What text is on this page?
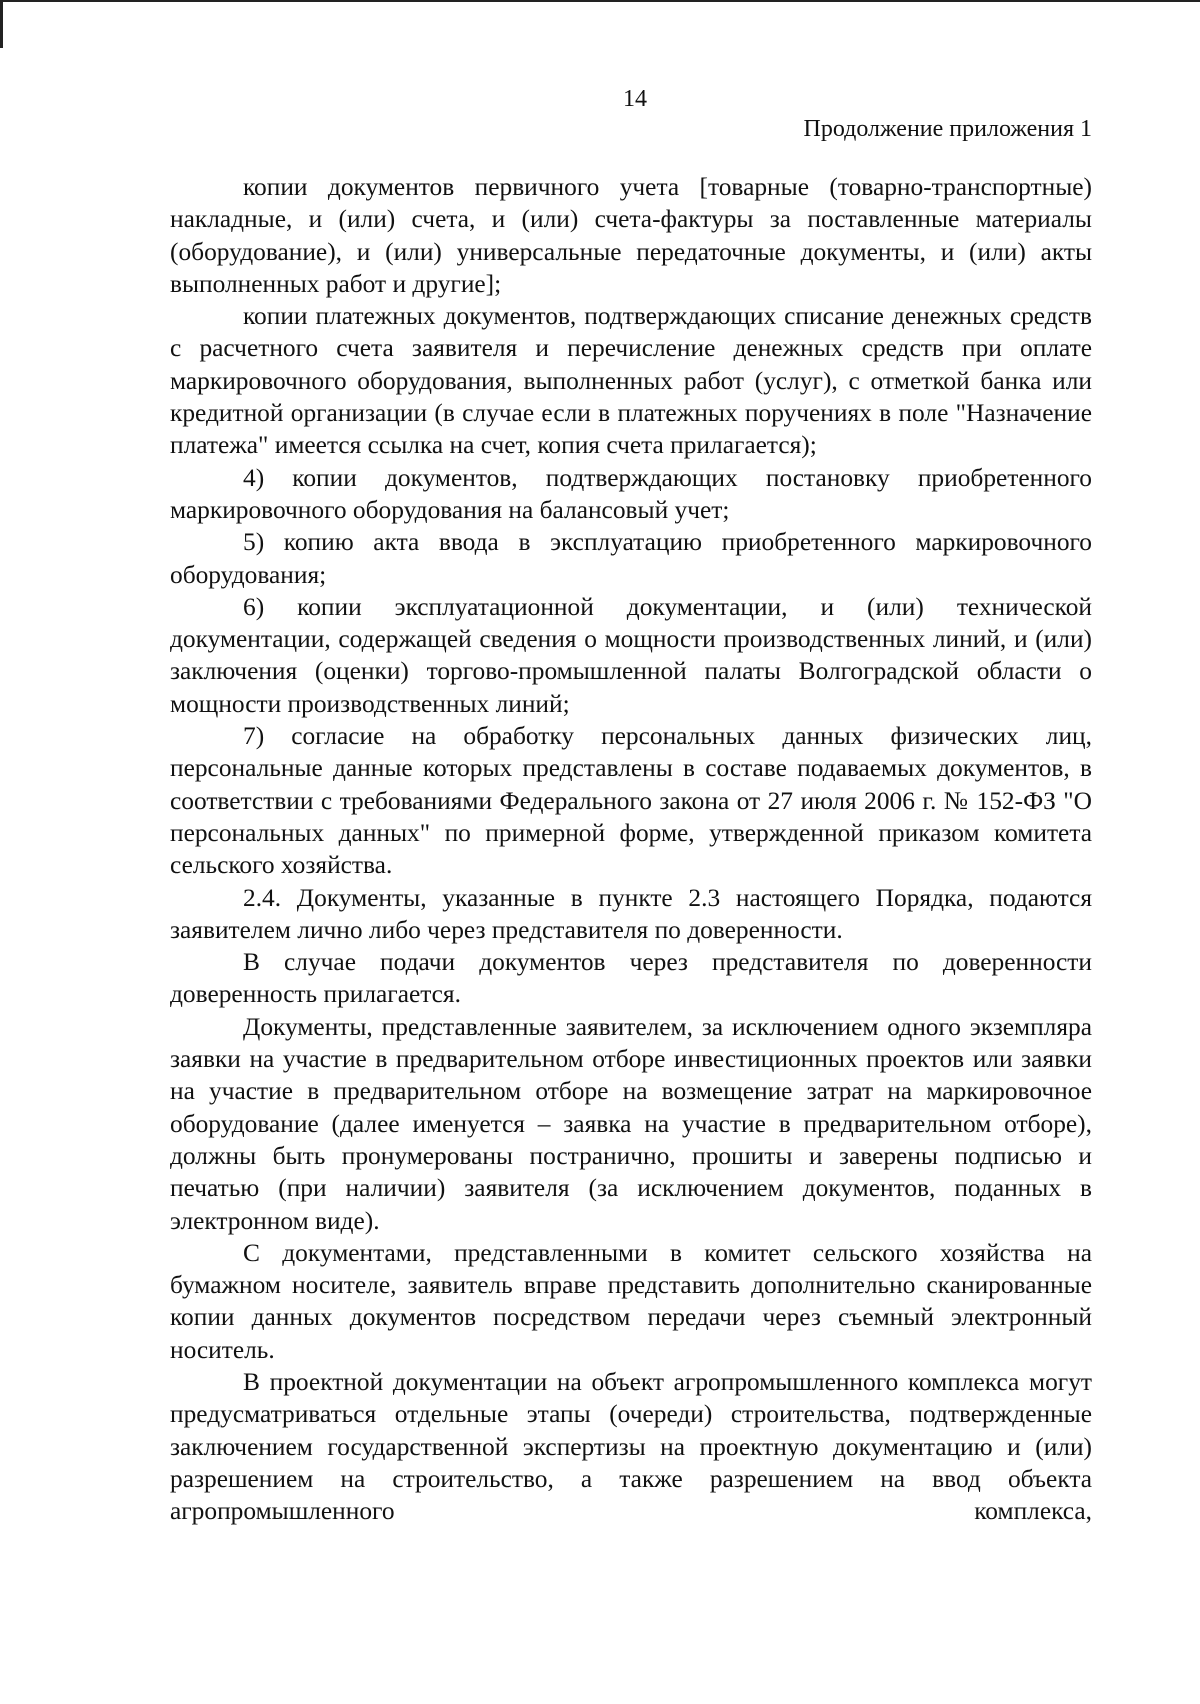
14
Продолжение приложения 1

копии документов первичного учета [товарные (товарно-транспортные) накладные, и (или) счета, и (или) счета-фактуры за поставленные материалы (оборудование), и (или) универсальные передаточные документы, и (или) акты выполненных работ и другие];

копии платежных документов, подтверждающих списание денежных средств с расчетного счета заявителя и перечисление денежных средств при оплате маркировочного оборудования, выполненных работ (услуг), с отметкой банка или кредитной организации (в случае если в платежных поручениях в поле "Назначение платежа" имеется ссылка на счет, копия счета прилагается);

4) копии документов, подтверждающих постановку приобретенного маркировочного оборудования на балансовый учет;

5) копию акта ввода в эксплуатацию приобретенного маркировочного оборудования;

6) копии эксплуатационной документации, и (или) технической документации, содержащей сведения о мощности производственных линий, и (или) заключения (оценки) торгово-промышленной палаты Волгоградской области о мощности производственных линий;

7) согласие на обработку персональных данных физических лиц, персональные данные которых представлены в составе подаваемых документов, в соответствии с требованиями Федерального закона от 27 июля 2006 г. № 152-ФЗ "О персональных данных" по примерной форме, утвержденной приказом комитета сельского хозяйства.

2.4. Документы, указанные в пункте 2.3 настоящего Порядка, подаются заявителем лично либо через представителя по доверенности.

В случае подачи документов через представителя по доверенности доверенность прилагается.

Документы, представленные заявителем, за исключением одного экземпляра заявки на участие в предварительном отборе инвестиционных проектов или заявки на участие в предварительном отборе на возмещение затрат на маркировочное оборудование (далее именуется – заявка на участие в предварительном отборе), должны быть пронумерованы постранично, прошиты и заверены подписью и печатью (при наличии) заявителя (за исключением документов, поданных в электронном виде).

С документами, представленными в комитет сельского хозяйства на бумажном носителе, заявитель вправе представить дополнительно сканированные копии данных документов посредством передачи через съемный электронный носитель.

В проектной документации на объект агропромышленного комплекса могут предусматриваться отдельные этапы (очереди) строительства, подтвержденные заключением государственной экспертизы на проектную документацию и (или) разрешением на строительство, а также разрешением на ввод объекта агропромышленного комплекса,
